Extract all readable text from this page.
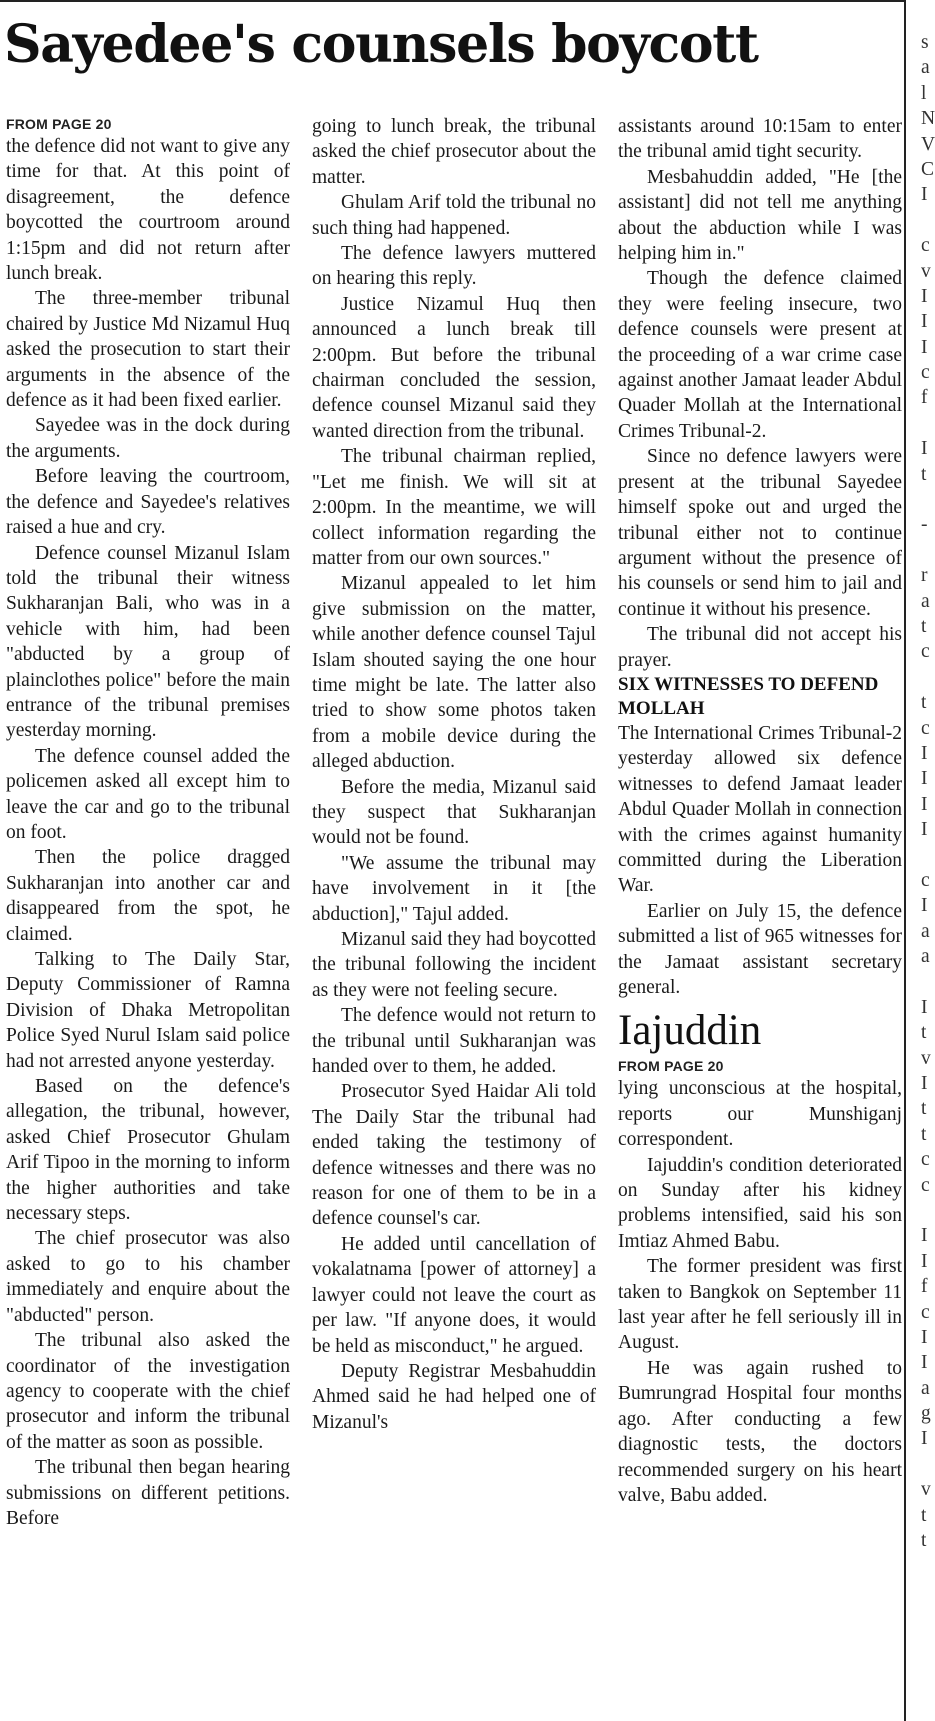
Sayedee's counsels boycott
FROM PAGE 20

the defence did not want to give any time for that. At this point of disagreement, the defence boycotted the courtroom around 1:15pm and did not return after lunch break.

The three-member tribunal chaired by Justice Md Nizamul Huq asked the prosecution to start their arguments in the absence of the defence as it had been fixed earlier.

Sayedee was in the dock during the arguments.

Before leaving the courtroom, the defence and Sayedee's relatives raised a hue and cry.

Defence counsel Mizanul Islam told the tribunal their witness Sukharanjan Bali, who was in a vehicle with him, had been "abducted by a group of plainclothes police" before the main entrance of the tribunal premises yesterday morning.

The defence counsel added the policemen asked all except him to leave the car and go to the tribunal on foot.

Then the police dragged Sukharanjan into another car and disappeared from the spot, he claimed.

Talking to The Daily Star, Deputy Commissioner of Ramna Division of Dhaka Metropolitan Police Syed Nurul Islam said police had not arrested anyone yesterday.

Based on the defence's allegation, the tribunal, however, asked Chief Prosecutor Ghulam Arif Tipoo in the morning to inform the higher authorities and take necessary steps.

The chief prosecutor was also asked to go to his chamber immediately and enquire about the "abducted" person.

The tribunal also asked the coordinator of the investigation agency to cooperate with the chief prosecutor and inform the tribunal of the matter as soon as possible.

The tribunal then began hearing submissions on different petitions. Before

going to lunch break, the tribunal asked the chief prosecutor about the matter.

Ghulam Arif told the tribunal no such thing had happened.

The defence lawyers muttered on hearing this reply.

Justice Nizamul Huq then announced a lunch break till 2:00pm. But before the tribunal chairman concluded the session, defence counsel Mizanul said they wanted direction from the tribunal.

The tribunal chairman replied, "Let me finish. We will sit at 2:00pm. In the meantime, we will collect information regarding the matter from our own sources."

Mizanul appealed to let him give submission on the matter, while another defence counsel Tajul Islam shouted saying the one hour time might be late. The latter also tried to show some photos taken from a mobile device during the alleged abduction.

Before the media, Mizanul said they suspect that Sukharanjan would not be found.

"We assume the tribunal may have involvement in it [the abduction]," Tajul added.

Mizanul said they had boycotted the tribunal following the incident as they were not feeling secure.

The defence would not return to the tribunal until Sukharanjan was handed over to them, he added.

Prosecutor Syed Haidar Ali told The Daily Star the tribunal had ended taking the testimony of defence witnesses and there was no reason for one of them to be in a defence counsel's car.

He added until cancellation of vokalatnama [power of attorney] a lawyer could not leave the court as per law. "If anyone does, it would be held as misconduct," he argued.

Deputy Registrar Mesbahuddin Ahmed said he had helped one of Mizanul's

assistants around 10:15am to enter the tribunal amid tight security.

Mesbahuddin added, "He [the assistant] did not tell me anything about the abduction while I was helping him in."

Though the defence claimed they were feeling insecure, two defence counsels were present at the proceeding of a war crime case against another Jamaat leader Abdul Quader Mollah at the International Crimes Tribunal-2.

Since no defence lawyers were present at the tribunal Sayedee himself spoke out and urged the tribunal either not to continue argument without the presence of his counsels or send him to jail and continue it without his presence.

The tribunal did not accept his prayer.

SIX WITNESSES TO DEFEND MOLLAH

The International Crimes Tribunal-2 yesterday allowed six defence witnesses to defend Jamaat leader Abdul Quader Mollah in connection with the crimes against humanity committed during the Liberation War.

Earlier on July 15, the defence submitted a list of 965 witnesses for the Jamaat assistant secretary general.

Iajuddin
FROM PAGE 20

lying unconscious at the hospital, reports our Munshiganj correspondent.

Iajuddin's condition deteriorated on Sunday after his kidney problems intensified, said his son Imtiaz Ahmed Babu.

The former president was first taken to Bangkok on September 11 last year after he fell seriously ill in August.

He was again rushed to Bumrungrad Hospital four months ago. After conducting a few diagnostic tests, the doctors recommended surgery on his heart valve, Babu added.

s
a
l
N
V
C
I
c
v
I
I
I
c
f
I
t
-
r
a
t
c
t
c
I
I
I
I
c
I
a
a
I
t
v
I
t
t
c
c
I
I
f
c
I
I
a
g
I
v
t
t
